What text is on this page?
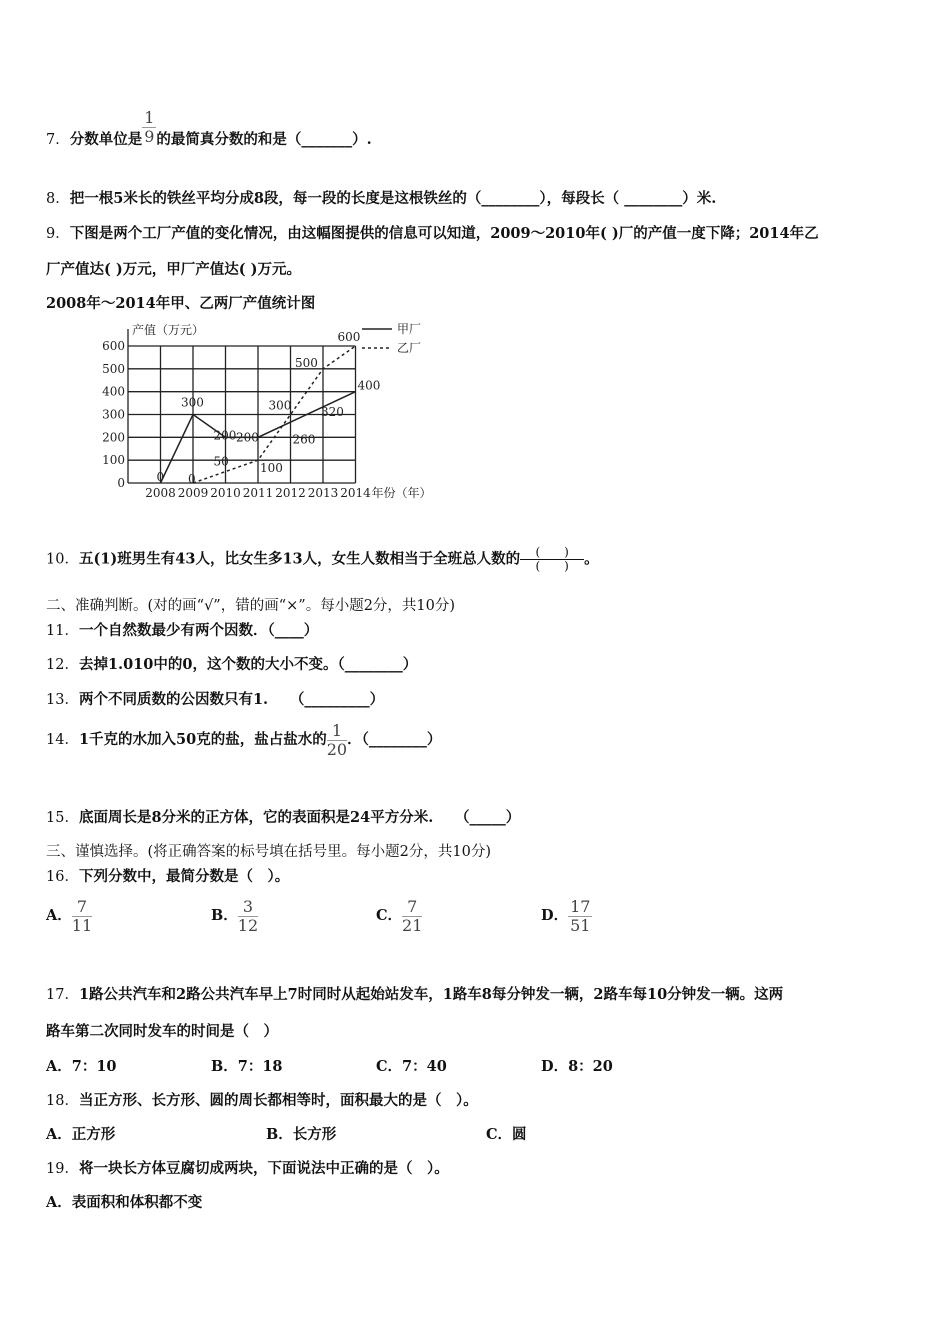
7．分数单位是 $\frac{1}{9}$ 的最简真分数的和是（_______）.
8．把一根5米长的铁丝平均分成8段，每一段的长度是这根铁丝的（________），每段长（ ________）米.
9．下图是两个工厂产值的变化情况，由这幅图提供的信息可以知道，2009～2010年( )厂的产值一度下降；2014年乙
厂产值达( )万元，甲厂产值达( )万元。
2008年～2014年甲、乙两厂产值统计图
0
100
200
300
400
500
600
产值（万元）
2008 2009 2010 2011 2012 2013 2014 年份（年）
0
300
200 200
400
甲厂
0
50	100
300
500
600
乙厂
260
320
10．五(1)班男生有43人，比女生多13人，女生人数相当于全班总人数的 $\frac{( )}{( )}$ 。
二、准确判断。(对的画“√”，错的画“×”。每小题2分，共10分)
11．一个自然数最少有两个因数．（____）
12．去掉1.010中的0，这个数的大小不变。（________）
13．两个不同质数的公因数只有1.　　（_________）
14．1千克的水加入50克的盐，盐占盐水的 $\frac{1}{20}$ ．（________）
15．底面周长是8分米的正方体，它的表面积是24平方分米.　　（_____）
三、谨慎选择。(将正确答案的标号填在括号里。每小题2分，共10分)
16．下列分数中，最简分数是（　）。
A． $\frac{7}{11}$	B． $\frac{3}{12}$	C． $\frac{7}{21}$	D． $\frac{17}{51}$
17．1路公共汽车和2路公共汽车早上7时同时从起始站发车，1路车8每分钟发一辆，2路车每10分钟发一辆。这两
路车第二次同时发车的时间是（　）
A．7：10	B．7：18	C．7：40	D．8：20
18．当正方形、长方形、圆的周长都相等时，面积最大的是（　）。
A．正方形	B．长方形	C．圆
19．将一块长方体豆腐切成两块，下面说法中正确的是（　）。
A．表面积和体积都不变
